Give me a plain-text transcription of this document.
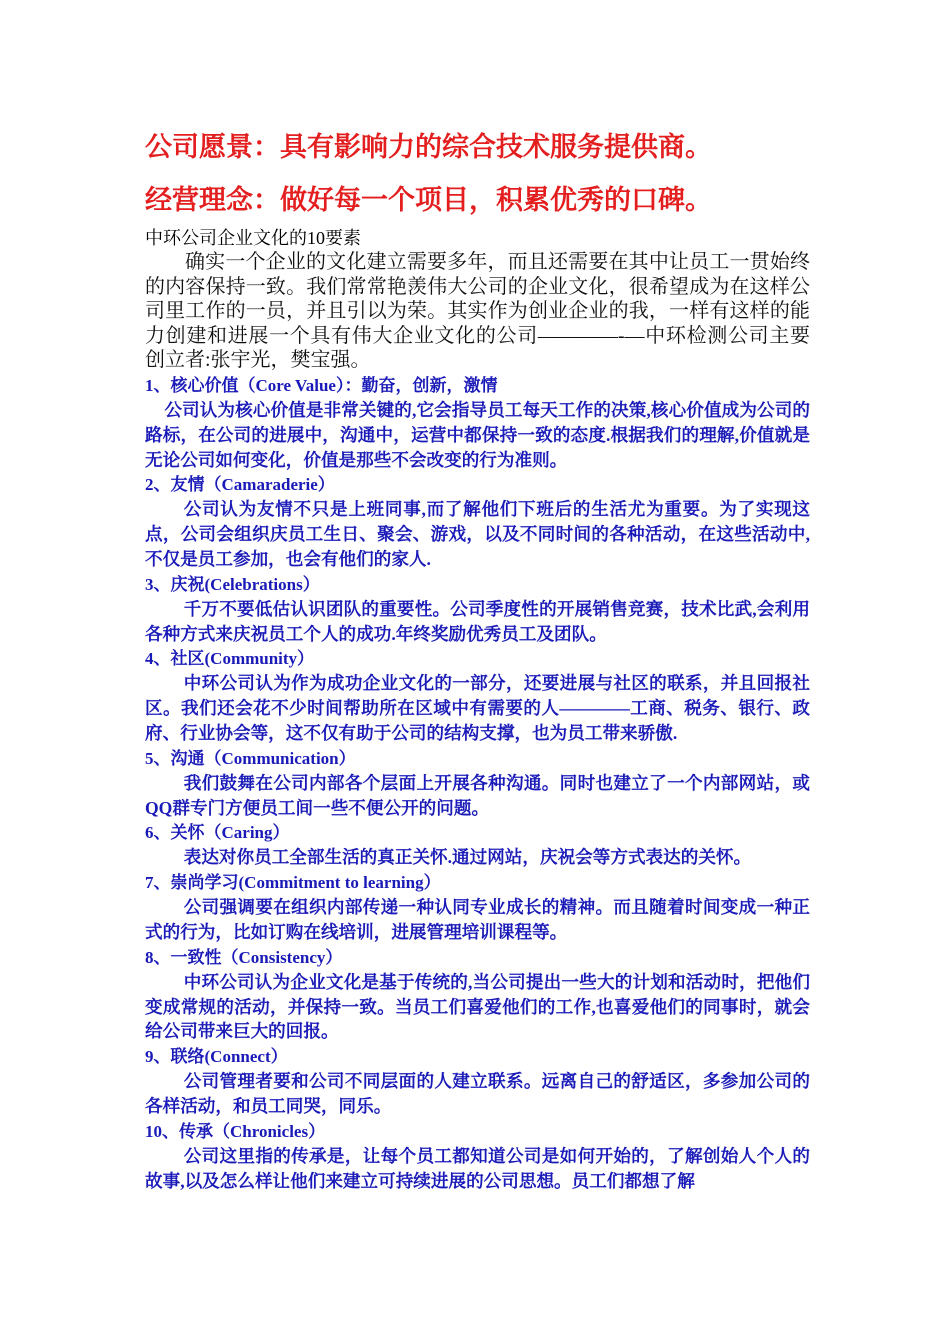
公司愿景：具有影响力的综合技术服务提供商。
经营理念：做好每一个项目，积累优秀的口碑。
中环公司企业文化的10要素

确实一个企业的文化建立需要多年，而且还需要在其中让员工一贯始终的内容保持一致。我们常常艳羡伟大公司的企业文化，很希望成为在这样公司里工作的一员，并且引以为荣。其实作为创业企业的我，一样有这样的能力创建和进展一个具有伟大企业文化的公司————-—中环检测公司主要创立者:张宇光，樊宝强。

1、核心价值（Core Value）：勤奋，创新，激情

公司认为核心价值是非常关键的,它会指导员工每天工作的决策,核心价值成为公司的路标，在公司的进展中，沟通中，运营中都保持一致的态度.根据我们的理解,价值就是无论公司如何变化，价值是那些不会改变的行为准则。

2、友情（Camaraderie）

公司认为友情不只是上班同事,而了解他们下班后的生活尤为重要。为了实现这点，公司会组织庆员工生日、聚会、游戏，以及不同时间的各种活动，在这些活动中,不仅是员工参加，也会有他们的家人.

3、庆祝(Celebrations）

千万不要低估认识团队的重要性。公司季度性的开展销售竞赛，技术比武,会利用各种方式来庆祝员工个人的成功.年终奖励优秀员工及团队。

4、社区(Community）

中环公司认为作为成功企业文化的一部分，还要进展与社区的联系，并且回报社区。我们还会花不少时间帮助所在区域中有需要的人————工商、税务、银行、政府、行业协会等，这不仅有助于公司的结构支撑，也为员工带来骄傲.

5、沟通（Communication）

我们鼓舞在公司内部各个层面上开展各种沟通。同时也建立了一个内部网站，或QQ群专门方便员工间一些不便公开的问题。

6、关怀（Caring）

表达对你员工全部生活的真正关怀.通过网站，庆祝会等方式表达的关怀。

7、崇尚学习(Commitment to learning）

公司强调要在组织内部传递一种认同专业成长的精神。而且随着时间变成一种正式的行为，比如订购在线培训，进展管理培训课程等。

8、一致性（Consistency）

中环公司认为企业文化是基于传统的,当公司提出一些大的计划和活动时，把他们变成常规的活动，并保持一致。当员工们喜爱他们的工作,也喜爱他们的同事时，就会给公司带来巨大的回报。

9、联络(Connect）

公司管理者要和公司不同层面的人建立联系。远离自己的舒适区，多参加公司的各样活动，和员工同哭，同乐。

10、传承（Chronicles）

公司这里指的传承是，让每个员工都知道公司是如何开始的，了解创始人个人的故事,以及怎么样让他们来建立可持续进展的公司思想。员工们都想了解
